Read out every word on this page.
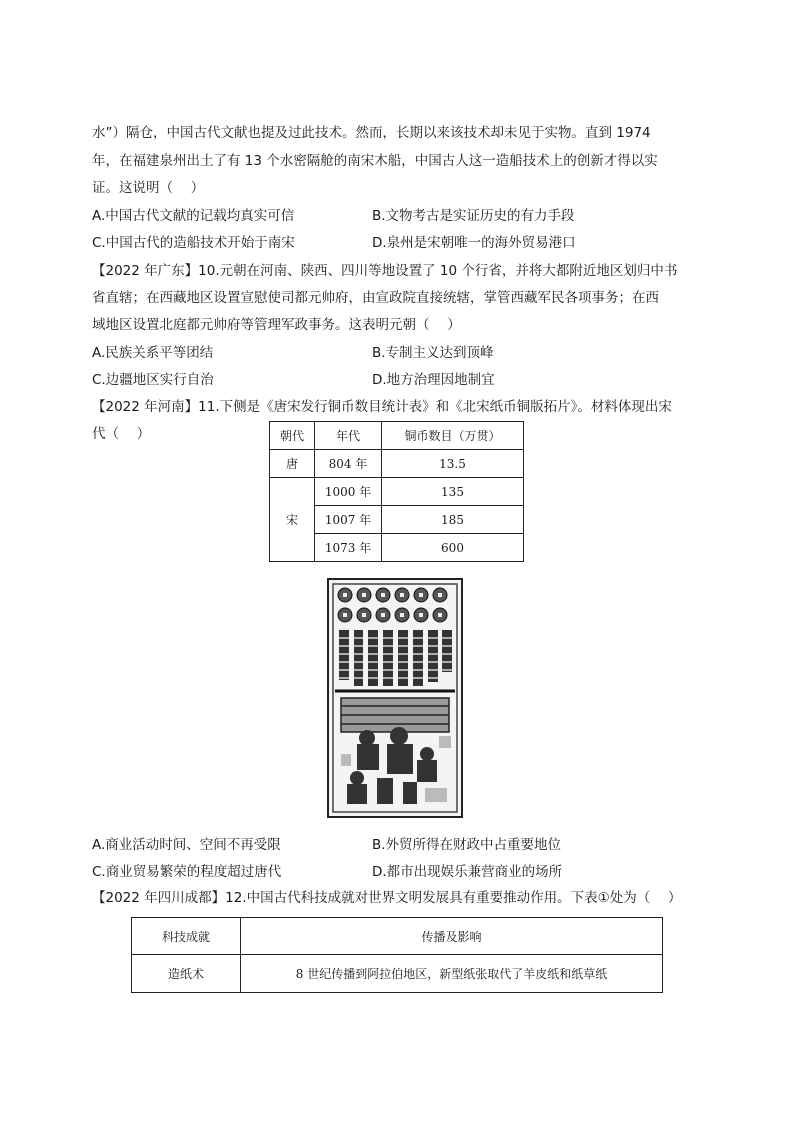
水”）隔仓，中国古代文献也提及过此技术。然而，长期以来该技术却未见于实物。直到 1974
年，在福建泉州出土了有 13 个水密隔舱的南宋木船，中国古人这一造船技术上的创新才得以实
证。这说明（　 ）
A.中国古代文献的记载均真实可信	B.文物考古是实证历史的有力手段
C.中国古代的造船技术开始于南宋	D.泉州是宋朝唯一的海外贸易港口
【2022 年广东】10.元朝在河南、陕西、四川等地设置了 10 个行省，并将大都附近地区划归中书
省直辖；在西藏地区设置宣慰使司都元帅府，由宣政院直接统辖，掌管西藏军民各项事务；在西
域地区设置北庭都元帅府等管理军政事务。这表明元朝（　 ）
A.民族关系平等团结	B.专制主义达到顶峰
C.边疆地区实行自治	D.地方治理因地制宜
【2022 年河南】11.下侧是《唐宋发行铜币数目统计表》和《北宋纸币铜版拓片》。材料体现出宋
代（　 ）	朝代	年代	铜币数目（万贯）
唐	804 年	13.5
宋	1000 年	135
	1007 年	185
	1073 年	600
A.商业活动时间、空间不再受限	B.外贸所得在财政中占重要地位
C.商业贸易繁荣的程度超过唐代	D.都市出现娱乐兼营商业的场所
【2022 年四川成都】12.中国古代科技成就对世界文明发展具有重要推动作用。下表①处为（　 ）
科技成就	传播及影响
造纸术	8 世纪传播到阿拉伯地区，新型纸张取代了羊皮纸和纸草纸
